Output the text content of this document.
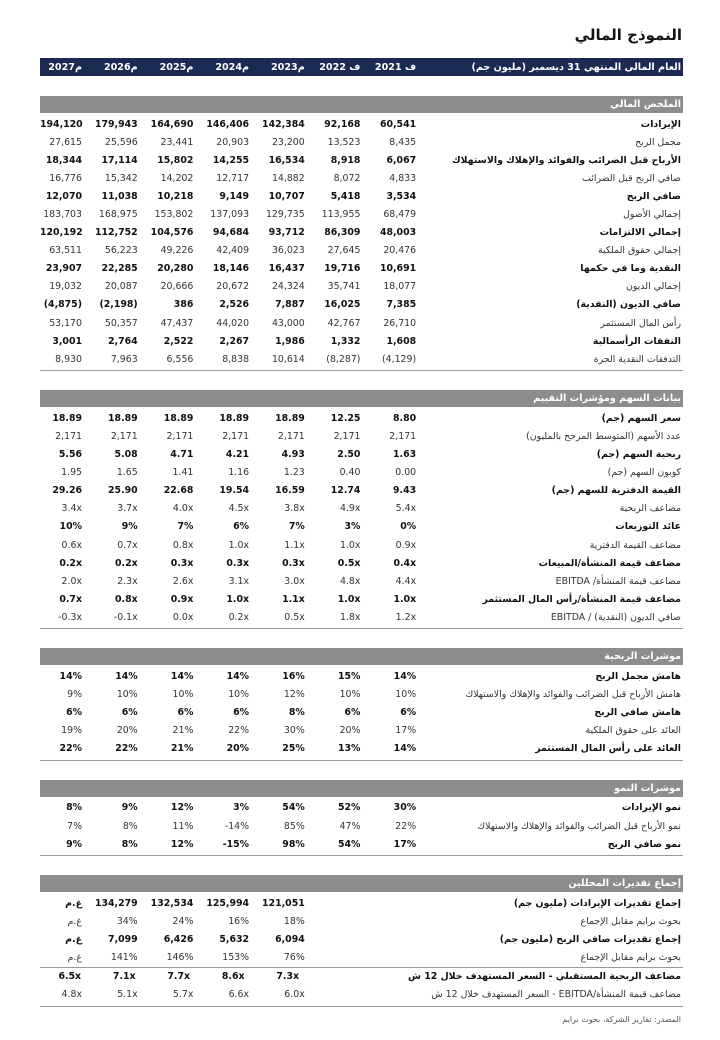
النموذج المالي
2027م	2026م	2025م	2024م	2023م	2022 ف	2021 ف	العام المالي المنتهي 31 ديسمبر (مليون جم)
الملخص المالي
194,120	179,943	164,690	146,406	142,384	92,168	60,541	الإيرادات
27,615	25,596	23,441	20,903	23,200	13,523	8,435	مجمل الربح
18,344	17,114	15,802	14,255	16,534	8,918	6,067	الأرباح قبل الضرائب والفوائد والإهلاك والاستهلاك
16,776	15,342	14,202	12,717	14,882	8,072	4,833	صافي الربح قبل الضرائب
12,070	11,038	10,218	9,149	10,707	5,418	3,534	صافي الربح
183,703	168,975	153,802	137,093	129,735	113,955	68,479	إجمالي الأصول
120,192	112,752	104,576	94,684	93,712	86,309	48,003	إجمالي الالتزامات
63,511	56,223	49,226	42,409	36,023	27,645	20,476	إجمالي حقوق الملكية
23,907	22,285	20,280	18,146	16,437	19,716	10,691	النقدية وما في حكمها
19,032	20,087	20,666	20,672	24,324	35,741	18,077	إجمالي الديون
(4,875)	(2,198)	386	2,526	7,887	16,025	7,385	صافي الديون (النقدية)
53,170	50,357	47,437	44,020	43,000	42,767	26,710	رأس المال المستثمر
3,001	2,764	2,522	2,267	1,986	1,332	1,608	النفقات الرأسمالية
8,930	7,963	6,556	8,838	10,614	(8,287)	(4,129)	التدفقات النقدية الحرة
بيانات السهم ومؤشرات التقييم
18.89	18.89	18.89	18.89	18.89	12.25	8.80	سعر السهم (جم)
2,171	2,171	2,171	2,171	2,171	2,171	2,171	عدد الأسهم (المتوسط المرجح بالمليون)
5.56	5.08	4.71	4.21	4.93	2.50	1.63	ربحية السهم (جم)
1.95	1.65	1.41	1.16	1.23	0.40	0.00	كوبون السهم (جم)
29.26	25.90	22.68	19.54	16.59	12.74	9.43	القيمة الدفترية للسهم (جم)
3.4x	3.7x	4.0x	4.5x	3.8x	4.9x	5.4x	مضاعف الربحية
10%	9%	7%	6%	7%	3%	0%	عائد التوزيعات
0.6x	0.7x	0.8x	1.0x	1.1x	1.0x	0.9x	مضاعف القيمة الدفترية
0.2x	0.2x	0.3x	0.3x	0.3x	0.5x	0.4x	مضاعف قيمة المنشأة/المبيعات
2.0x	2.3x	2.6x	3.1x	3.0x	4.8x	4.4x	مضاعف قيمة المنشأة/ EBITDA
0.7x	0.8x	0.9x	1.0x	1.1x	1.0x	1.0x	مضاعف قيمة المنشأة/رأس المال المستثمر
-0.3x	-0.1x	0.0x	0.2x	0.5x	1.8x	1.2x	صافي الديون (النقدية) / EBITDA
موشرات الربحية
14%	14%	14%	14%	16%	15%	14%	هامش مجمل الربح
9%	10%	10%	10%	12%	10%	10%	هامش الأرباح قبل الضرائب والفوائد والإهلاك والاستهلاك
6%	6%	6%	6%	8%	6%	6%	هامش صافي الربح
19%	20%	21%	22%	30%	20%	17%	العائد على حقوق الملكية
22%	22%	21%	20%	25%	13%	14%	العائد على رأس المال المستثمر
موشرات النمو
8%	9%	12%	3%	54%	52%	30%	نمو الإيرادات
7%	8%	11%	-14%	85%	47%	22%	نمو الأرباح قبل الضرائب والفوائد والإهلاك والاستهلاك
9%	8%	12%	-15%	98%	54%	17%	نمو صافي الربح
إجماع تقديرات المحللين
غ.م	134,279	132,534	125,994	121,051	إجماع تقديرات الإيرادات (مليون جم)
غ.م	34%	24%	16%	18%	بحوث برايم مقابل الإجماع
غ.م	7,099	6,426	5,632	6,094	إجماع تقديرات صافي الربح (مليون جم)
غ.م	141%	146%	153%	76%	بحوث برايم مقابل الإجماع
6.5x	7.1x	7.7x	8.6x	7.3x	مضاعف الربحية المستقبلي - السعر المستهدف خلال 12 ش
4.8x	5.1x	5.7x	6.6x	6.0x	مضاعف قيمة المنشأة/EBITDA - السعر المستهدف خلال 12 ش
المصدر: تقارير الشركة، بحوث برايم
